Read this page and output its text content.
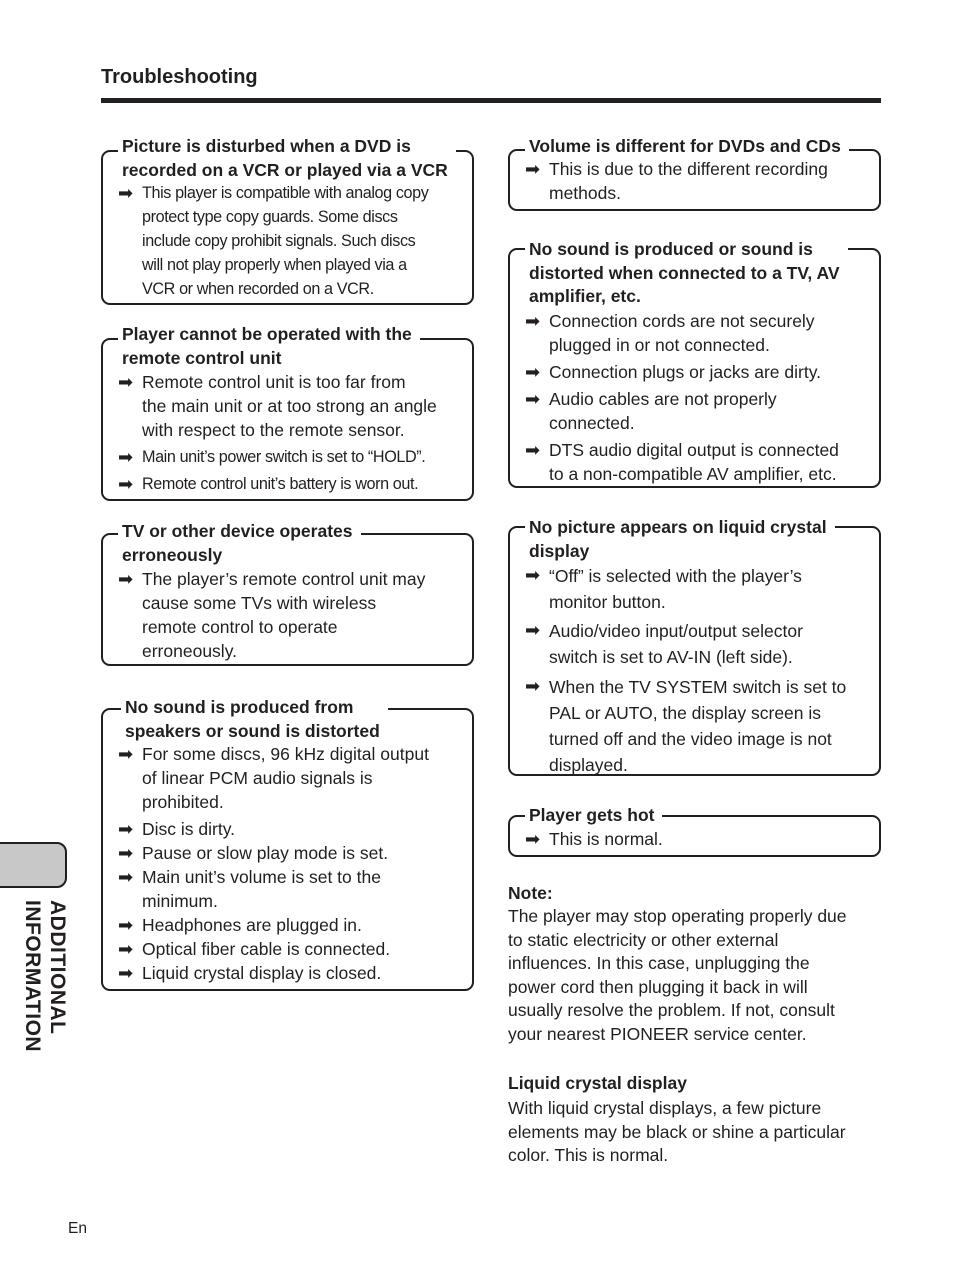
Troubleshooting
Picture is disturbed when a DVD is
recorded on a VCR or played via a VCR
➡ This player is compatible with analog copy
protect type copy guards. Some discs
include copy prohibit signals. Such discs
will not play properly when played via a
VCR or when recorded on a VCR.
Player cannot be operated with the
remote control unit
➡ Remote control unit is too far from
the main unit or at too strong an angle
with respect to the remote sensor.
➡ Main unit’s power switch is set to “HOLD”.
➡ Remote control unit’s battery is worn out.
TV or other device operates
erroneously
➡ The player’s remote control unit may
cause some TVs with wireless
remote control to operate
erroneously.
No sound is produced from
speakers or sound is distorted
➡ For some discs, 96 kHz digital output
of linear PCM audio signals is
prohibited.
➡ Disc is dirty.
➡ Pause or slow play mode is set.
➡ Main unit’s volume is set to the
minimum.
➡ Headphones are plugged in.
➡ Optical fiber cable is connected.
➡ Liquid crystal display is closed.
Volume is different for DVDs and CDs
➡ This is due to the different recording
methods.
No sound is produced or sound is
distorted when connected to a TV, AV
amplifier, etc.
➡ Connection cords are not securely
plugged in or not connected.
➡ Connection plugs or jacks are dirty.
➡ Audio cables are not properly
connected.
➡ DTS audio digital output is connected
to a non-compatible AV amplifier, etc.
No picture appears on liquid crystal
display
➡ “Off” is selected with the player’s
monitor button.
➡ Audio/video input/output selector
switch is set to AV-IN (left side).
➡ When the TV SYSTEM switch is set to
PAL or AUTO, the display screen is
turned off and the video image is not
displayed.
Player gets hot
➡ This is normal.
Note:
The player may stop operating properly due
to static electricity or other external
influences. In this case, unplugging the
power cord then plugging it back in will
usually resolve the problem. If not, consult
your nearest PIONEER service center.
Liquid crystal display
With liquid crystal displays, a few picture
elements may be black or shine a particular
color. This is normal.
ADDITIONAL
INFORMATION
En
